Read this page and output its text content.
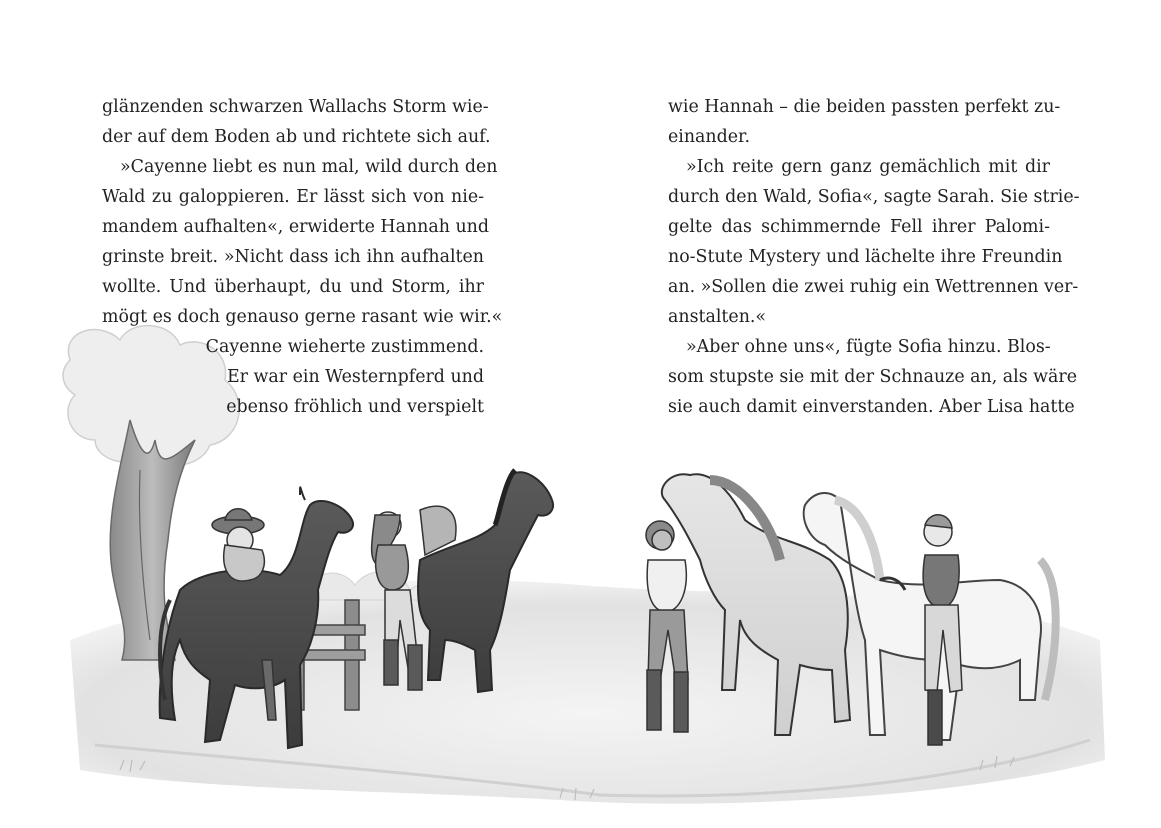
glänzenden schwarzen Wallachs Storm wie-
der auf dem Boden ab und richtete sich auf.
»Cayenne liebt es nun mal, wild durch den
Wald zu galoppieren. Er lässt sich von nie-
mandem aufhalten«, erwiderte Hannah und
grinste breit. »Nicht dass ich ihn aufhalten
wollte. Und überhaupt, du und Storm, ihr
mögt es doch genauso gerne rasant wie wir.«
Cayenne wieherte zustimmend.
Er war ein Westernpferd und
ebenso fröhlich und verspielt
wie Hannah – die beiden passten perfekt zu-
einander.
»Ich reite gern ganz gemächlich mit dir
durch den Wald, Sofia«, sagte Sarah. Sie strie-
gelte das schimmernde Fell ihrer Palomi-
no-Stute Mystery und lächelte ihre Freundin
an. »Sollen die zwei ruhig ein Wettrennen ver-
anstalten.«
»Aber ohne uns«, fügte Sofia hinzu. Blos-
som stupste sie mit der Schnauze an, als wäre
sie auch damit einverstanden. Aber Lisa hatte
